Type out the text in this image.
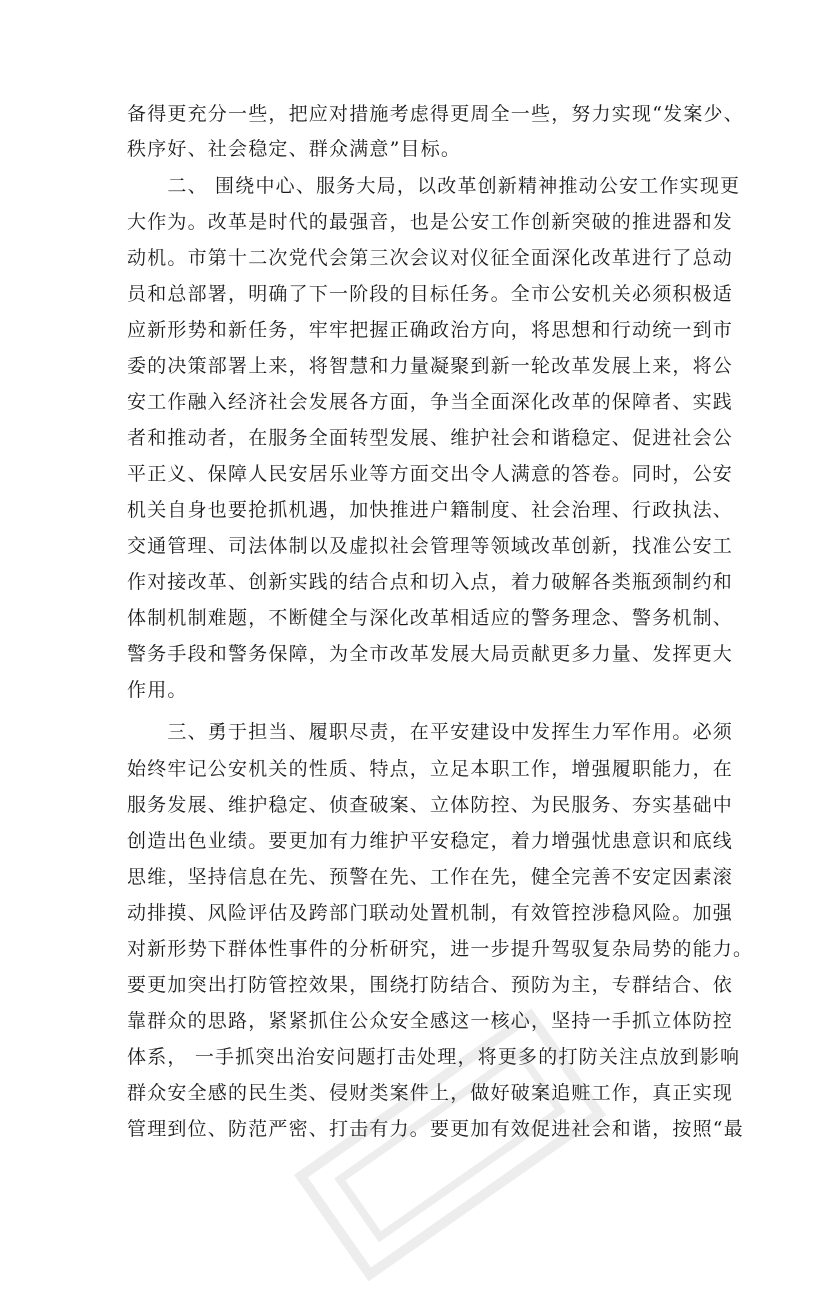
备得更充分一些，把应对措施考虑得更周全一些，努力实现“发案少、
秩序好、社会稳定、群众满意”目标。
　　二、 围绕中心、服务大局，以改革创新精神推动公安工作实现更
大作为。改革是时代的最强音，也是公安工作创新突破的推进器和发
动机。市第十二次党代会第三次会议对仪征全面深化改革进行了总动
员和总部署，明确了下一阶段的目标任务。全市公安机关必须积极适
应新形势和新任务，牢牢把握正确政治方向，将思想和行动统一到市
委的决策部署上来，将智慧和力量凝聚到新一轮改革发展上来，将公
安工作融入经济社会发展各方面，争当全面深化改革的保障者、实践
者和推动者，在服务全面转型发展、维护社会和谐稳定、促进社会公
平正义、保障人民安居乐业等方面交出令人满意的答卷。同时，公安
机关自身也要抢抓机遇，加快推进户籍制度、社会治理、行政执法、
交通管理、司法体制以及虚拟社会管理等领域改革创新，找准公安工
作对接改革、创新实践的结合点和切入点，着力破解各类瓶颈制约和
体制机制难题，不断健全与深化改革相适应的警务理念、警务机制、
警务手段和警务保障，为全市改革发展大局贡献更多力量、发挥更大
作用。
　　三、勇于担当、履职尽责，在平安建设中发挥生力军作用。必须
始终牢记公安机关的性质、特点，立足本职工作，增强履职能力，在
服务发展、维护稳定、侦查破案、立体防控、为民服务、夯实基础中
创造出色业绩。要更加有力维护平安稳定，着力增强忧患意识和底线
思维，坚持信息在先、预警在先、工作在先，健全完善不安定因素滚
动排摸、风险评估及跨部门联动处置机制，有效管控涉稳风险。加强
对新形势下群体性事件的分析研究，进一步提升驾驭复杂局势的能力。
要更加突出打防管控效果，围绕打防结合、预防为主，专群结合、依
靠群众的思路，紧紧抓住公众安全感这一核心，坚持一手抓立体防控
体系， 一手抓突出治安问题打击处理，将更多的打防关注点放到影响
群众安全感的民生类、侵财类案件上，做好破案追赃工作，真正实现
管理到位、防范严密、打击有力。要更加有效促进社会和谐，按照“最
